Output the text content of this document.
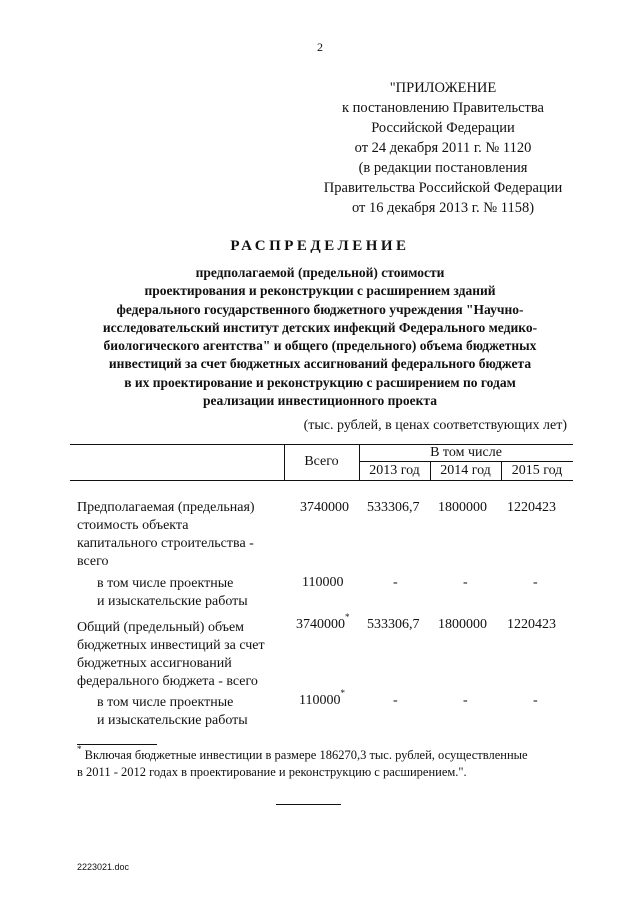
2
"ПРИЛОЖЕНИЕ
к постановлению Правительства
Российской Федерации
от 24 декабря 2011 г. № 1120
(в редакции постановления
Правительства Российской Федерации
от 16 декабря 2013 г. № 1158)
РАСПРЕДЕЛЕНИЕ
предполагаемой (предельной) стоимости
проектирования и реконструкции с расширением зданий
федерального государственного бюджетного учреждения "Научно-
исследовательский институт детских инфекций Федерального медико-
биологического агентства" и общего (предельного) объема бюджетных
инвестиций за счет бюджетных ассигнований федерального бюджета
в их проектирование и реконструкцию с расширением по годам
реализации инвестиционного проекта
(тыс. рублей, в ценах соответствующих лет)
Всего
В том числе
2013 год	2014 год	2015 год
Предполагаемая (предельная)
стоимость объекта
капитального строительства -
всего
3740000 533306,7 1800000 1220423
в том числе проектные
и изыскательские работы
110000	-	-	-
Общий (предельный) объем
бюджетных инвестиций за счет
бюджетных ассигнований
федерального бюджета - всего
3740000* 533306,7 1800000 1220423
в том числе проектные
и изыскательские работы
110000*	-	-	-
* Включая бюджетные инвестиции в размере 186270,3 тыс. рублей, осуществленные
в 2011 - 2012 годах в проектирование и реконструкцию с расширением.".
2223021.doc
